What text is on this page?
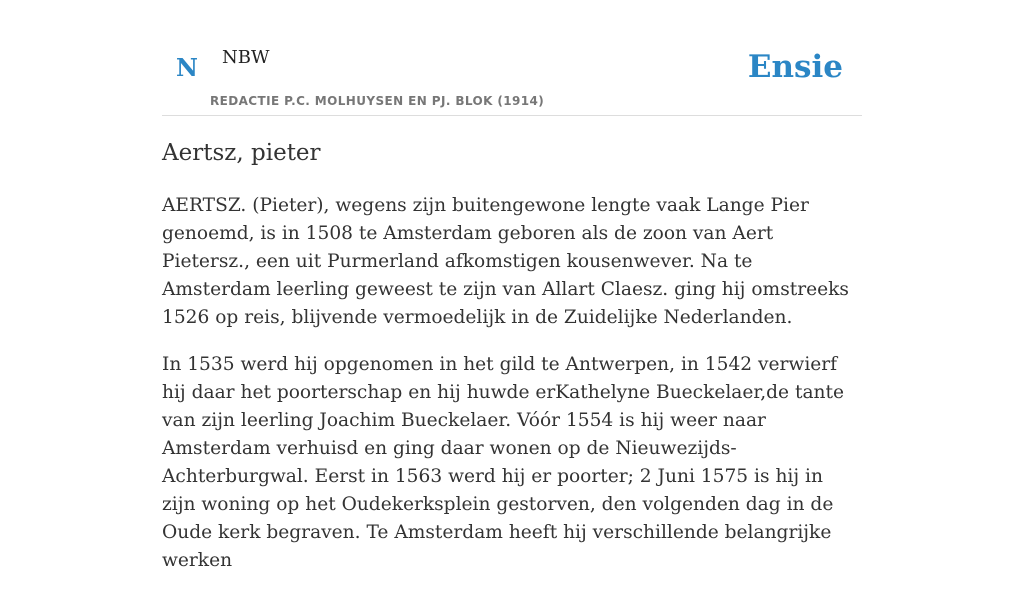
N NBW
REDACTIE P.C. MOLHUYSEN EN PJ. BLOK (1914)
Ensie
Aertsz, pieter

AERTSZ. (Pieter), wegens zijn buitengewone lengte vaak Lange Pier genoemd, is in 1508 te Amsterdam geboren als de zoon van Aert Pietersz., een uit Purmerland afkomstigen kousenwever. Na te Amsterdam leerling geweest te zijn van Allart Claesz. ging hij omstreeks 1526 op reis, blijvende vermoedelijk in de Zuidelijke Nederlanden.

In 1535 werd hij opgenomen in het gild te Antwerpen, in 1542 verwierf hij daar het poorterschap en hij huwde erKathelyne Bueckelaer,de tante van zijn leerling Joachim Bueckelaer. Vóór 1554 is hij weer naar Amsterdam verhuisd en ging daar wonen op de Nieuwezijds-Achterburgwal. Eerst in 1563 werd hij er poorter; 2 Juni 1575 is hij in zijn woning op het Oudekerksplein gestorven, den volgenden dag in de Oude kerk begraven. Te Amsterdam heeft hij verschillende belangrijke werken
